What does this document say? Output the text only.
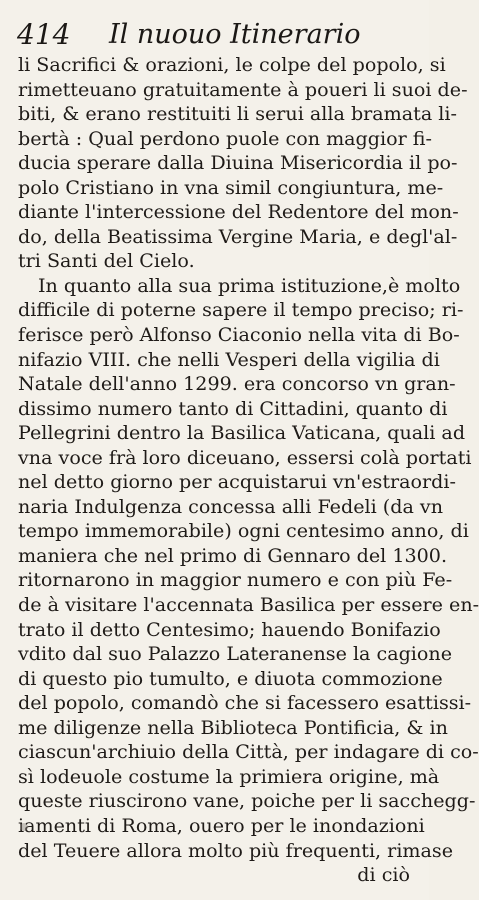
414 Il nuouo Itinerario
li Sacrifici & orazioni, le colpe del popolo, si
rimetteuano gratuitamente à poueri li suoi de-
biti, & erano restituiti li serui alla bramata li-
bertà : Qual perdono puole con maggior fi-
ducia sperare dalla Diuina Misericordia il po-
polo Cristiano in vna simil congiuntura, me-
diante l'intercessione del Redentore del mon-
do, della Beatissima Vergine Maria, e degl'al-
tri Santi del Cielo.
In quanto alla sua prima istituzione,è molto
difficile di poterne sapere il tempo preciso; ri-
ferisce però Alfonso Ciaconio nella vita di Bo-
nifazio VIII. che nelli Vesperi della vigilia di
Natale dell'anno 1299. era concorso vn gran-
dissimo numero tanto di Cittadini, quanto di
Pellegrini dentro la Basilica Vaticana, quali ad
vna voce frà loro diceuano, essersi colà portati
nel detto giorno per acquistarui vn'estraordi-
naria Indulgenza concessa alli Fedeli (da vn
tempo immemorabile) ogni centesimo anno, di
maniera che nel primo di Gennaro del 1300.
ritornarono in maggior numero e con più Fe-
de à visitare l'accennata Basilica per essere en-
trato il detto Centesimo; hauendo Bonifazio
vdito dal suo Palazzo Lateranense la cagione
di questo pio tumulto, e diuota commozione
del popolo, comandò che si facessero esattissi-
me diligenze nella Biblioteca Pontificia, & in
ciascun'archiuio della Città, per indagare di co-
sì lodeuole costume la primiera origine, mà
queste riuscirono vane, poiche per li sacchegg-
iamenti di Roma, ouero per le inondazioni
del Teuere allora molto più frequenti, rimase
di ciò
